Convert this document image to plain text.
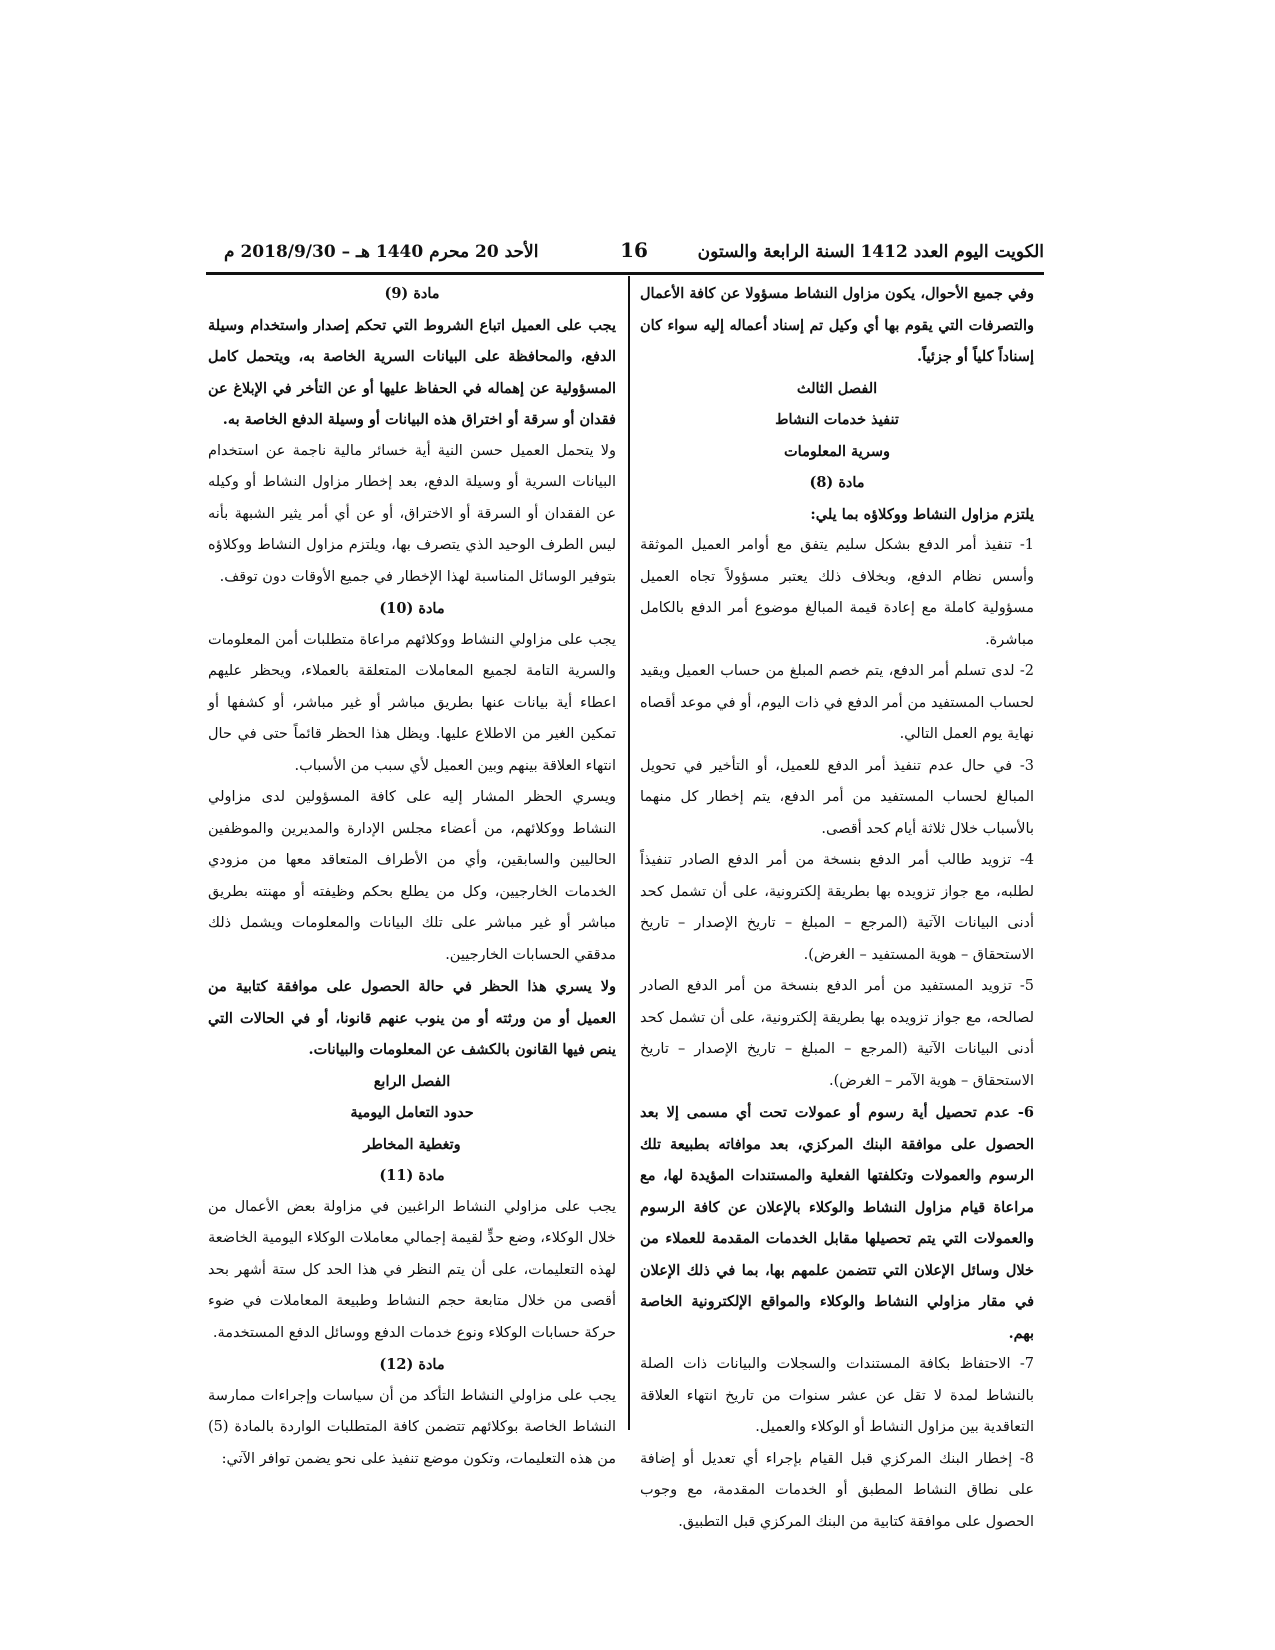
الكويت اليوم العدد 1412 السنة الرابعة والستون
16
الأحد 20 محرم 1440 هـ – 2018/9/30 م

وفي جميع الأحوال، يكون مزاول النشاط مسؤولا عن كافة الأعمال والتصرفات التي يقوم بها أي وكيل تم إسناد أعماله إليه سواء كان إسناداً كلياً أو جزئياً.

الفصل الثالث

تنفيذ خدمات النشاط

وسرية المعلومات

مادة (8)

يلتزم مزاول النشاط ووكلاؤه بما يلي:

1- تنفيذ أمر الدفع بشكل سليم يتفق مع أوامر العميل الموثقة وأسس نظام الدفع، وبخلاف ذلك يعتبر مسؤولاً تجاه العميل مسؤولية كاملة مع إعادة قيمة المبالغ موضوع أمر الدفع بالكامل مباشرة.

2- لدى تسلم أمر الدفع، يتم خصم المبلغ من حساب العميل ويقيد لحساب المستفيد من أمر الدفع في ذات اليوم، أو في موعد أقصاه نهاية يوم العمل التالي.

3- في حال عدم تنفيذ أمر الدفع للعميل، أو التأخير في تحويل المبالغ لحساب المستفيد من أمر الدفع، يتم إخطار كل منهما بالأسباب خلال ثلاثة أيام كحد أقصى.

4- تزويد طالب أمر الدفع بنسخة من أمر الدفع الصادر تنفيذاً لطلبه، مع جواز تزويده بها بطريقة إلكترونية، على أن تشمل كحد أدنى البيانات الآتية (المرجع – المبلغ – تاريخ الإصدار – تاريخ الاستحقاق – هوية المستفيد – الغرض).

5- تزويد المستفيد من أمر الدفع بنسخة من أمر الدفع الصادر لصالحه، مع جواز تزويده بها بطريقة إلكترونية، على أن تشمل كحد أدنى البيانات الآتية (المرجع – المبلغ – تاريخ الإصدار – تاريخ الاستحقاق – هوية الآمر – الغرض).

6- عدم تحصيل أية رسوم أو عمولات تحت أي مسمى إلا بعد الحصول على موافقة البنك المركزي، بعد موافاته بطبيعة تلك الرسوم والعمولات وتكلفتها الفعلية والمستندات المؤيدة لها، مع مراعاة قيام مزاول النشاط والوكلاء بالإعلان عن كافة الرسوم والعمولات التي يتم تحصيلها مقابل الخدمات المقدمة للعملاء من خلال وسائل الإعلان التي تتضمن علمهم بها، بما في ذلك الإعلان في مقار مزاولي النشاط والوكلاء والمواقع الإلكترونية الخاصة بهم.

7- الاحتفاظ بكافة المستندات والسجلات والبيانات ذات الصلة بالنشاط لمدة لا تقل عن عشر سنوات من تاريخ انتهاء العلاقة التعاقدية بين مزاول النشاط أو الوكلاء والعميل.

8- إخطار البنك المركزي قبل القيام بإجراء أي تعديل أو إضافة على نطاق النشاط المطبق أو الخدمات المقدمة، مع وجوب الحصول على موافقة كتابية من البنك المركزي قبل التطبيق.

مادة (9)

يجب على العميل اتباع الشروط التي تحكم إصدار واستخدام وسيلة الدفع، والمحافظة على البيانات السرية الخاصة به، ويتحمل كامل المسؤولية عن إهماله في الحفاظ عليها أو عن التأخر في الإبلاغ عن فقدان أو سرقة أو اختراق هذه البيانات أو وسيلة الدفع الخاصة به.

ولا يتحمل العميل حسن النية أية خسائر مالية ناجمة عن استخدام البيانات السرية أو وسيلة الدفع، بعد إخطار مزاول النشاط أو وكيله عن الفقدان أو السرقة أو الاختراق، أو عن أي أمر يثير الشبهة بأنه ليس الطرف الوحيد الذي يتصرف بها، ويلتزم مزاول النشاط ووكلاؤه بتوفير الوسائل المناسبة لهذا الإخطار في جميع الأوقات دون توقف.

مادة (10)

يجب على مزاولي النشاط ووكلائهم مراعاة متطلبات أمن المعلومات والسرية التامة لجميع المعاملات المتعلقة بالعملاء، ويحظر عليهم اعطاء أية بيانات عنها بطريق مباشر أو غير مباشر، أو كشفها أو تمكين الغير من الاطلاع عليها. ويظل هذا الحظر قائماً حتى في حال انتهاء العلاقة بينهم وبين العميل لأي سبب من الأسباب.

ويسري الحظر المشار إليه على كافة المسؤولين لدى مزاولي النشاط ووكلائهم، من أعضاء مجلس الإدارة والمديرين والموظفين الحاليين والسابقين، وأي من الأطراف المتعاقد معها من مزودي الخدمات الخارجيين، وكل من يطلع بحكم وظيفته أو مهنته بطريق مباشر أو غير مباشر على تلك البيانات والمعلومات ويشمل ذلك مدققي الحسابات الخارجيين.

ولا يسري هذا الحظر في حالة الحصول على موافقة كتابية من العميل أو من ورثته أو من ينوب عنهم قانونا، أو في الحالات التي ينص فيها القانون بالكشف عن المعلومات والبيانات.

الفصل الرابع

حدود التعامل اليومية

وتغطية المخاطر

مادة (11)

يجب على مزاولي النشاط الراغبين في مزاولة بعض الأعمال من خلال الوكلاء، وضع حدٍّ لقيمة إجمالي معاملات الوكلاء اليومية الخاضعة لهذه التعليمات، على أن يتم النظر في هذا الحد كل ستة أشهر بحد أقصى من خلال متابعة حجم النشاط وطبيعة المعاملات في ضوء حركة حسابات الوكلاء ونوع خدمات الدفع ووسائل الدفع المستخدمة.

مادة (12)

يجب على مزاولي النشاط التأكد من أن سياسات وإجراءات ممارسة النشاط الخاصة بوكلائهم تتضمن كافة المتطلبات الواردة بالمادة (5) من هذه التعليمات، وتكون موضع تنفيذ على نحو يضمن توافر الآتي:
